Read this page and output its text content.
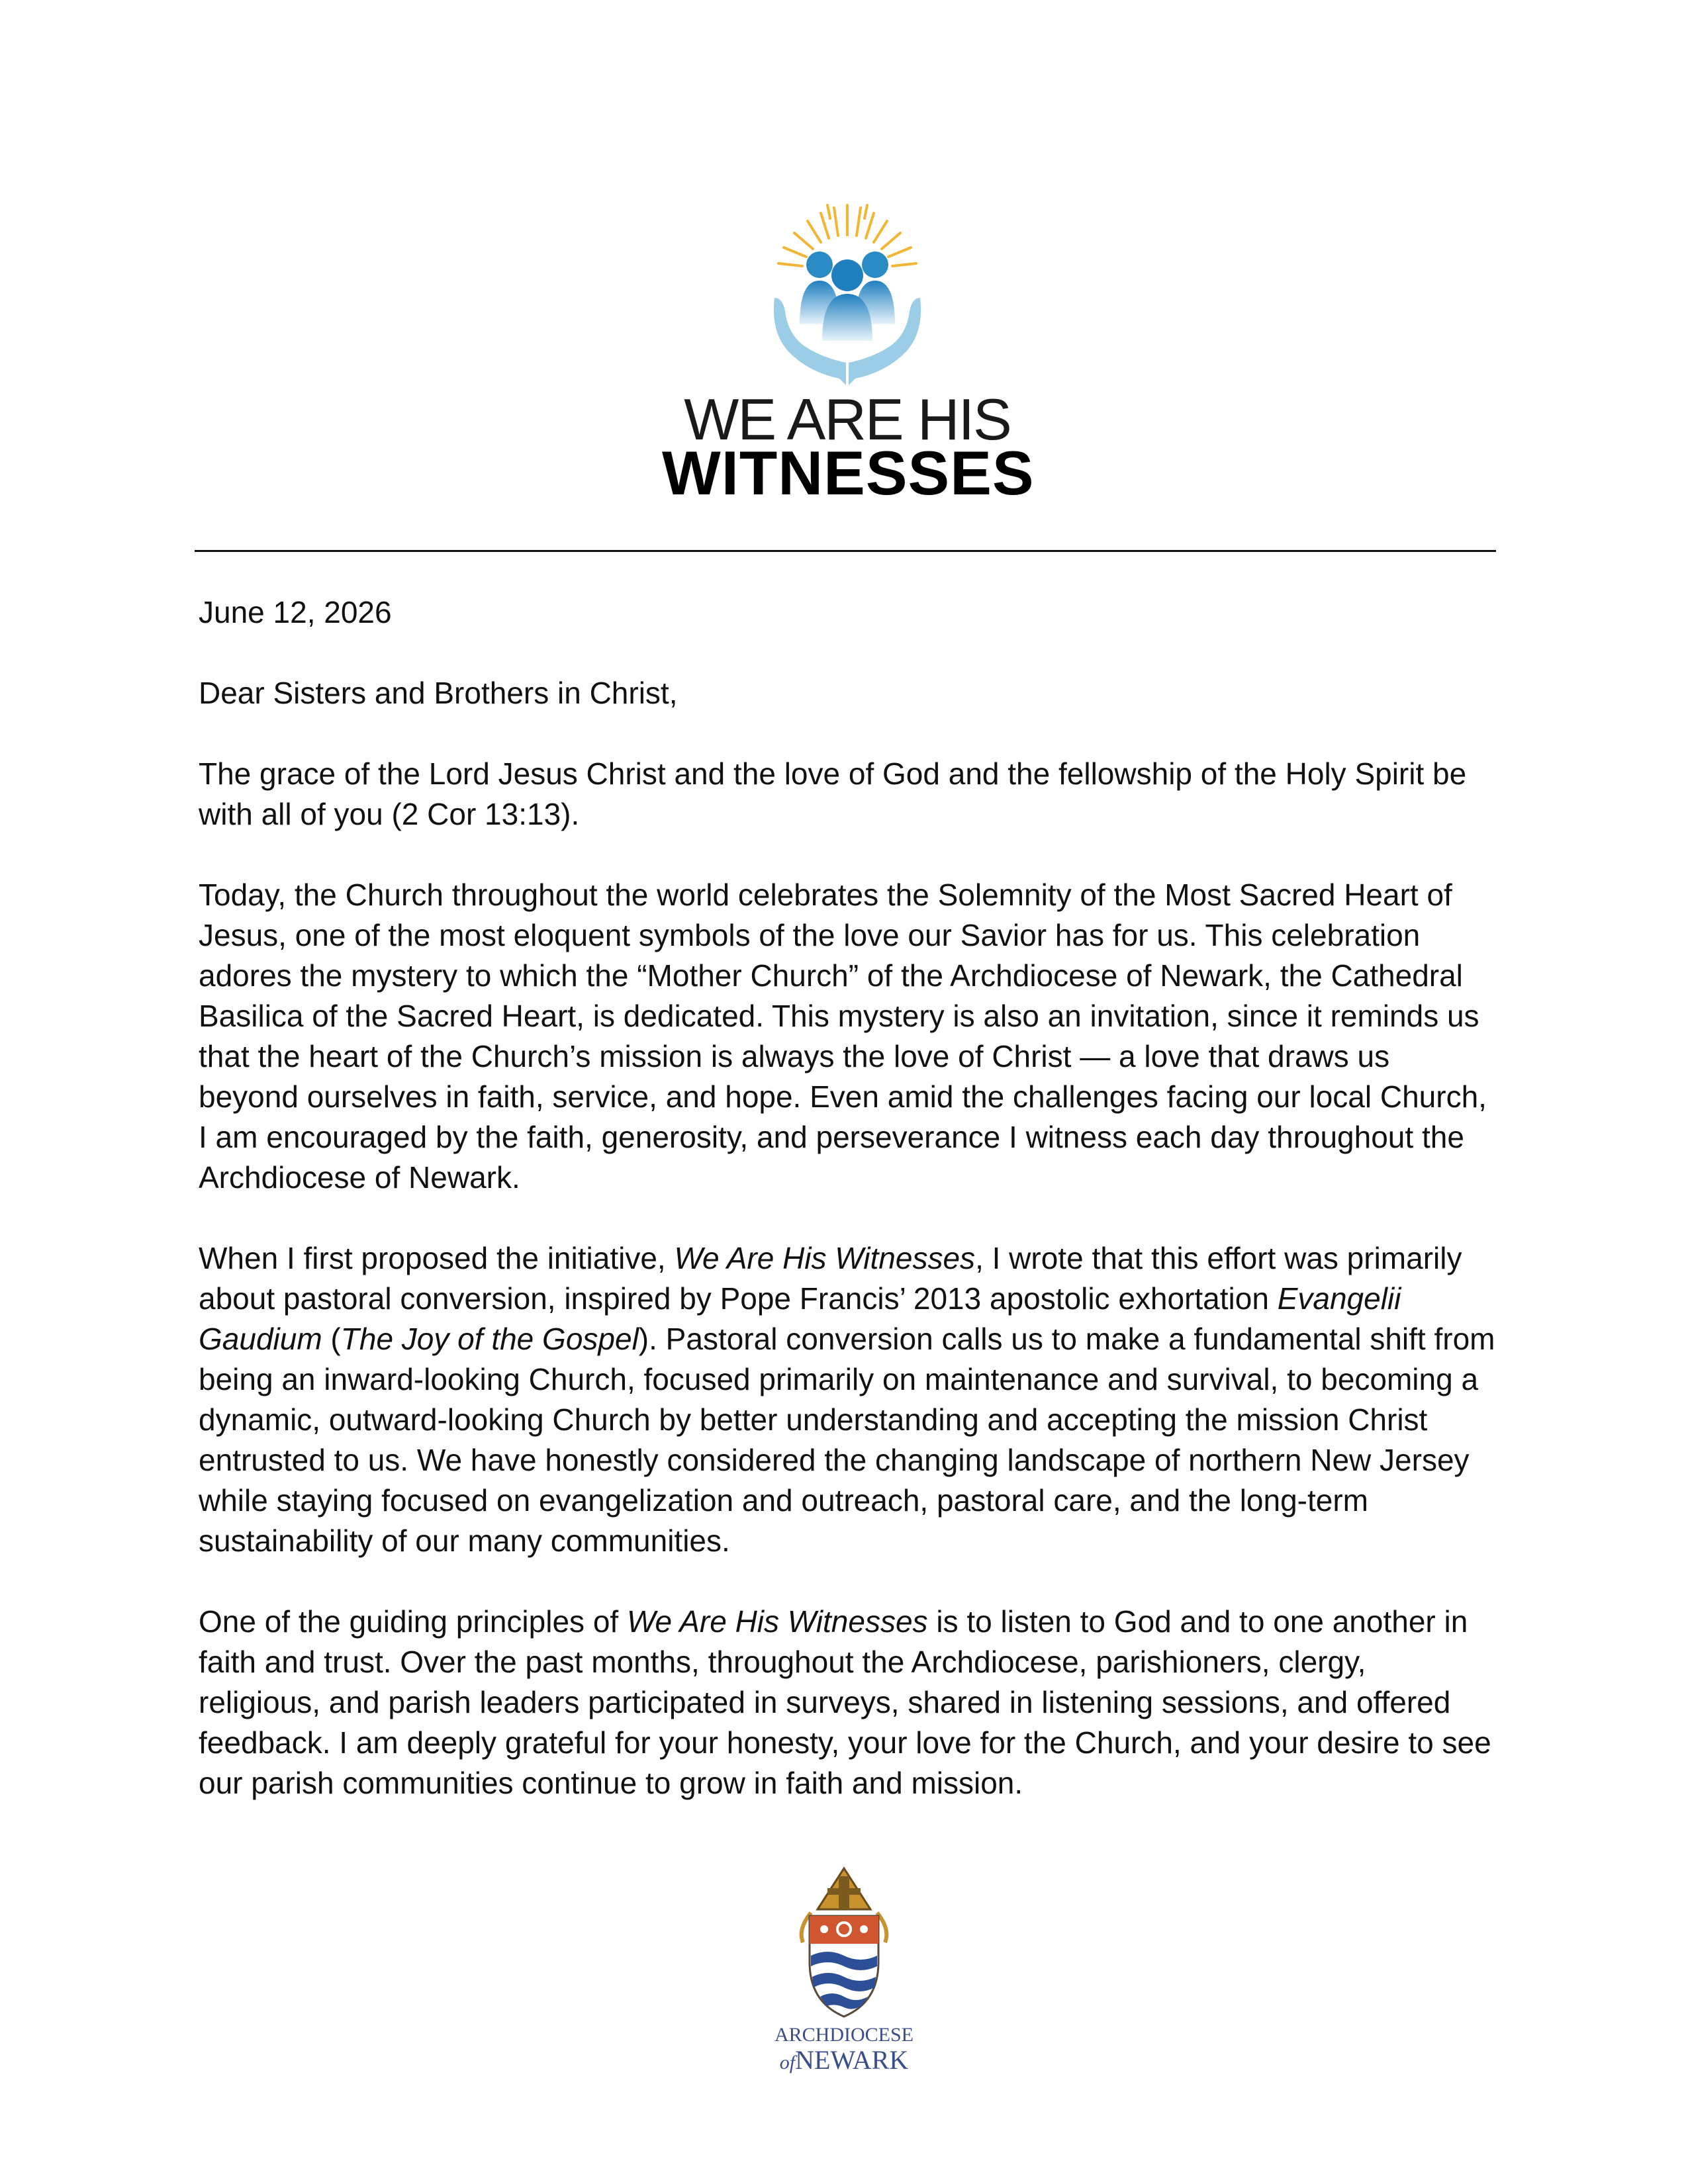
WE ARE HIS
WITNESSES

June 12, 2026

Dear Sisters and Brothers in Christ,

The grace of the Lord Jesus Christ and the love of God and the fellowship of the Holy Spirit be with all of you (2 Cor 13:13).

Today, the Church throughout the world celebrates the Solemnity of the Most Sacred Heart of Jesus, one of the most eloquent symbols of the love our Savior has for us. This celebration adores the mystery to which the “Mother Church” of the Archdiocese of Newark, the Cathedral Basilica of the Sacred Heart, is dedicated. This mystery is also an invitation, since it reminds us that the heart of the Church’s mission is always the love of Christ — a love that draws us beyond ourselves in faith, service, and hope. Even amid the challenges facing our local Church, I am encouraged by the faith, generosity, and perseverance I witness each day throughout the Archdiocese of Newark.

When I first proposed the initiative, We Are His Witnesses, I wrote that this effort was primarily about pastoral conversion, inspired by Pope Francis’ 2013 apostolic exhortation Evangelii Gaudium (The Joy of the Gospel). Pastoral conversion calls us to make a fundamental shift from being an inward-looking Church, focused primarily on maintenance and survival, to becoming a dynamic, outward-looking Church by better understanding and accepting the mission Christ entrusted to us. We have honestly considered the changing landscape of northern New Jersey while staying focused on evangelization and outreach, pastoral care, and the long-term sustainability of our many communities.

One of the guiding principles of We Are His Witnesses is to listen to God and to one another in faith and trust. Over the past months, throughout the Archdiocese, parishioners, clergy, religious, and parish leaders participated in surveys, shared in listening sessions, and offered feedback. I am deeply grateful for your honesty, your love for the Church, and your desire to see our parish communities continue to grow in faith and mission.

ARCHDIOCESE
ofNEWARK
